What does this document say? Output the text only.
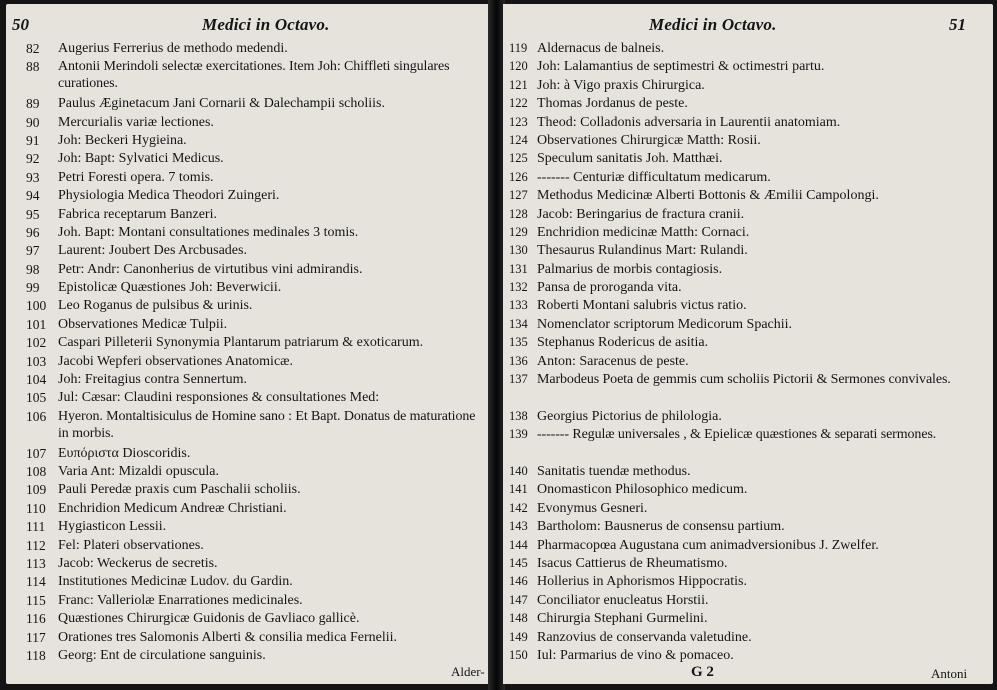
50	Medici in Octavo.
82	Augerius Ferrerius de methodo medendi.
88	Antonii Merindoli selectæ exercitationes. Item Joh: Chiffleti singulares curationes.
89	Paulus Æginetacum Jani Cornarii & Dalechampii scholiis.
90	Mercurialis variæ lectiones.
91	Joh: Beckeri Hygieina.
92	Joh: Bapt: Sylvatici Medicus.
93	Petri Foresti opera. 7 tomis.
94	Physiologia Medica Theodori Zuingeri.
95	Fabrica receptarum Banzeri.
96	Joh. Bapt: Montani consultationes medinales 3 tomis.
97	Laurent: Joubert Des Arcbusades.
98	Petr: Andr: Canonherius de virtutibus vini admirandis.
99	Epistolicæ Quæstiones Joh: Beverwicii.
100 Leo Roganus de pulsibus & urinis.
101 Observationes Medicæ Tulpii.
102 Caspari Pilleterii Synonymia Plantarum patriarum & exoticarum.
103 Jacobi Wepferi observationes Anatomicæ.
104 Joh: Freitagius contra Sennertum.
105 Jul: Cæsar: Claudini responsiones & consultationes Med:
106 Hyeron. Montaltisiculus de Homine sano : Et Bapt. Donatus de maturatione in morbis.
107 Ευπόριστα Dioscoridis.
108 Varia Ant: Mizaldi opuscula.
109 Pauli Peredæ praxis cum Paschalii scholiis.
110 Enchridion Medicum Andreæ Christiani.
111 Hygiasticon Lessii.
112 Fel: Plateri observationes.
113 Jacob: Weckerus de secretis.
114 Institutiones Medicinæ Ludov. du Gardin.
115 Franc: Valleriolæ Enarrationes medicinales.
116 Quæstiones Chirurgicæ Guidonis de Gavliaco gallicè.
117 Orationes tres Salomonis Alberti & consilia medica Fernelii.
118 Georg: Ent de circulatione sanguinis.
Alder-
Medici in Octavo.	51
119 Aldernacus de balneis.
120 Joh: Lalamantius de septimestri & octimestri partu.
121 Joh: à Vigo praxis Chirurgica.
122 Thomas Jordanus de peste.
123 Theod: Colladonis adversaria in Laurentii anatomiam.
124 Observationes Chirurgicæ Matth: Rosii.
125 Speculum sanitatis Joh. Matthæi.
126 ------- Centuriæ difficultatum medicarum.
127 Methodus Medicinæ Alberti Bottonis & Æmilii Campolongi.
128 Jacob: Beringarius de fractura cranii.
129 Enchridion medicinæ Matth: Cornaci.
130 Thesaurus Rulandinus Mart: Rulandi.
131 Palmarius de morbis contagiosis.
132 Pansa de proroganda vita.
133 Roberti Montani salubris victus ratio.
134 Nomenclator scriptorum Medicorum Spachii.
135 Stephanus Rodericus de asitia.
136 Anton: Saracenus de peste.
137 Marbodeus Poeta de gemmis cum scholiis Pictorii & Sermones convivales.
138 Georgius Pictorius de philologia.
139 ------- Regulæ universales , & Epielicæ quæstiones & separati sermones.
140 Sanitatis tuendæ methodus.
141 Onomasticon Philosophico medicum.
142 Evonymus Gesneri.
143 Bartholom: Bausnerus de consensu partium.
144 Pharmacopœa Augustana cum animadversionibus J. Zwelfer.
145 Isacus Cattierus de Rheumatismo.
146 Hollerius in Aphorismos Hippocratis.
147 Conciliator enucleatus Horstii.
148 Chirurgia Stephani Gurmelini.
149 Ranzovius de conservanda valetudine.
150 Iul: Parmarius de vino & pomaceo.
G 2	Antoni
